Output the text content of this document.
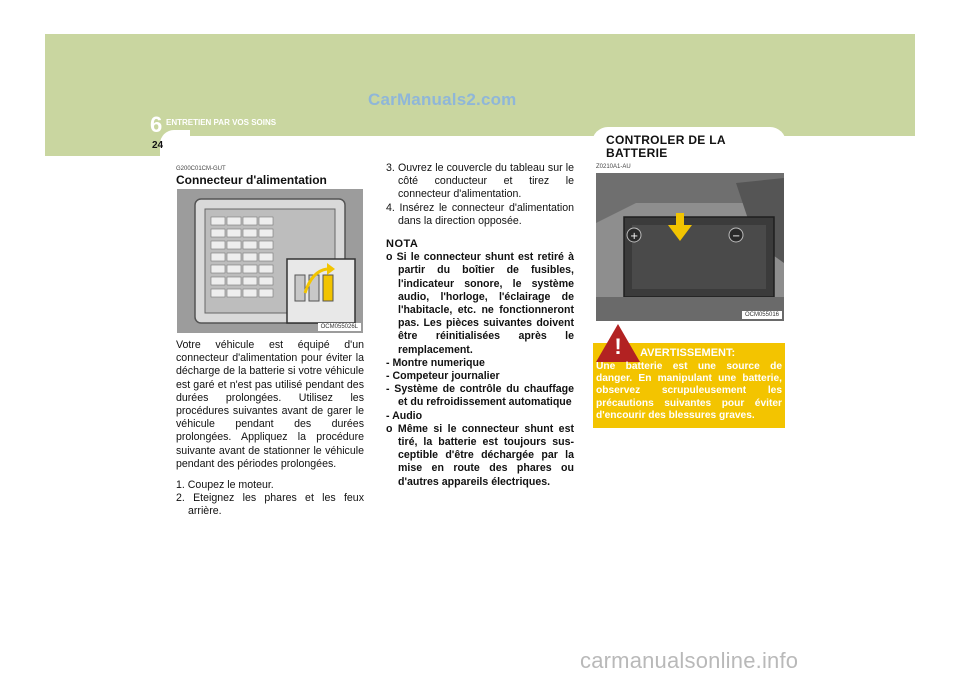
CarManuals2.com
6 ENTRETIEN PAR VOS SOINS
24	CONTROLER DE LA BATTERIE
G200C01CM-GUT
Connecteur d'alimentation
OCM055026L

Votre véhicule est équipé d'un connecteur d'alimentation pour éviter la décharge de la batterie si votre véhicule est garé et n'est pas utilisé pendant des durées prolongées. Utilisez les procédures suivantes avant de garer le véhicule pendant des durées prolongées. Appliquez la procédure suivante avant de stationner le véhicule pendant des périodes prolongées.

1. Coupez le moteur.

2. Eteignez les phares et les feux arrière.

3. Ouvrez le couvercle du tableau sur le côté conducteur et tirez le connecteur d'alimentation.

4. Insérez le connecteur d'alimentation dans la direction opposée.

NOTA

o Si le connecteur shunt est retiré à partir du boîtier de fusibles, l'indicateur sonore, le système audio, l'horloge, l'éclairage de l'habitacle, etc. ne fonctionneront pas. Les pièces suivantes doivent être réinitialisées après le remplacement.

- Montre numerique

- Competeur journalier

- Système de contrôle du chauffage et du refroidissement automatique

- Audio

o Même si le connecteur shunt est tiré, la batterie est toujours sus-ceptible d'être déchargée par la mise en route des phares ou d'autres appareils électriques.

Z0210A1-AU
+	−
OCM055016
!	AVERTISSEMENT:
Une batterie est une source de danger. En manipulant une batterie, observez scrupuleusement les précautions suivantes pour éviter d'encourir des blessures graves.
carmanualsonline.info
